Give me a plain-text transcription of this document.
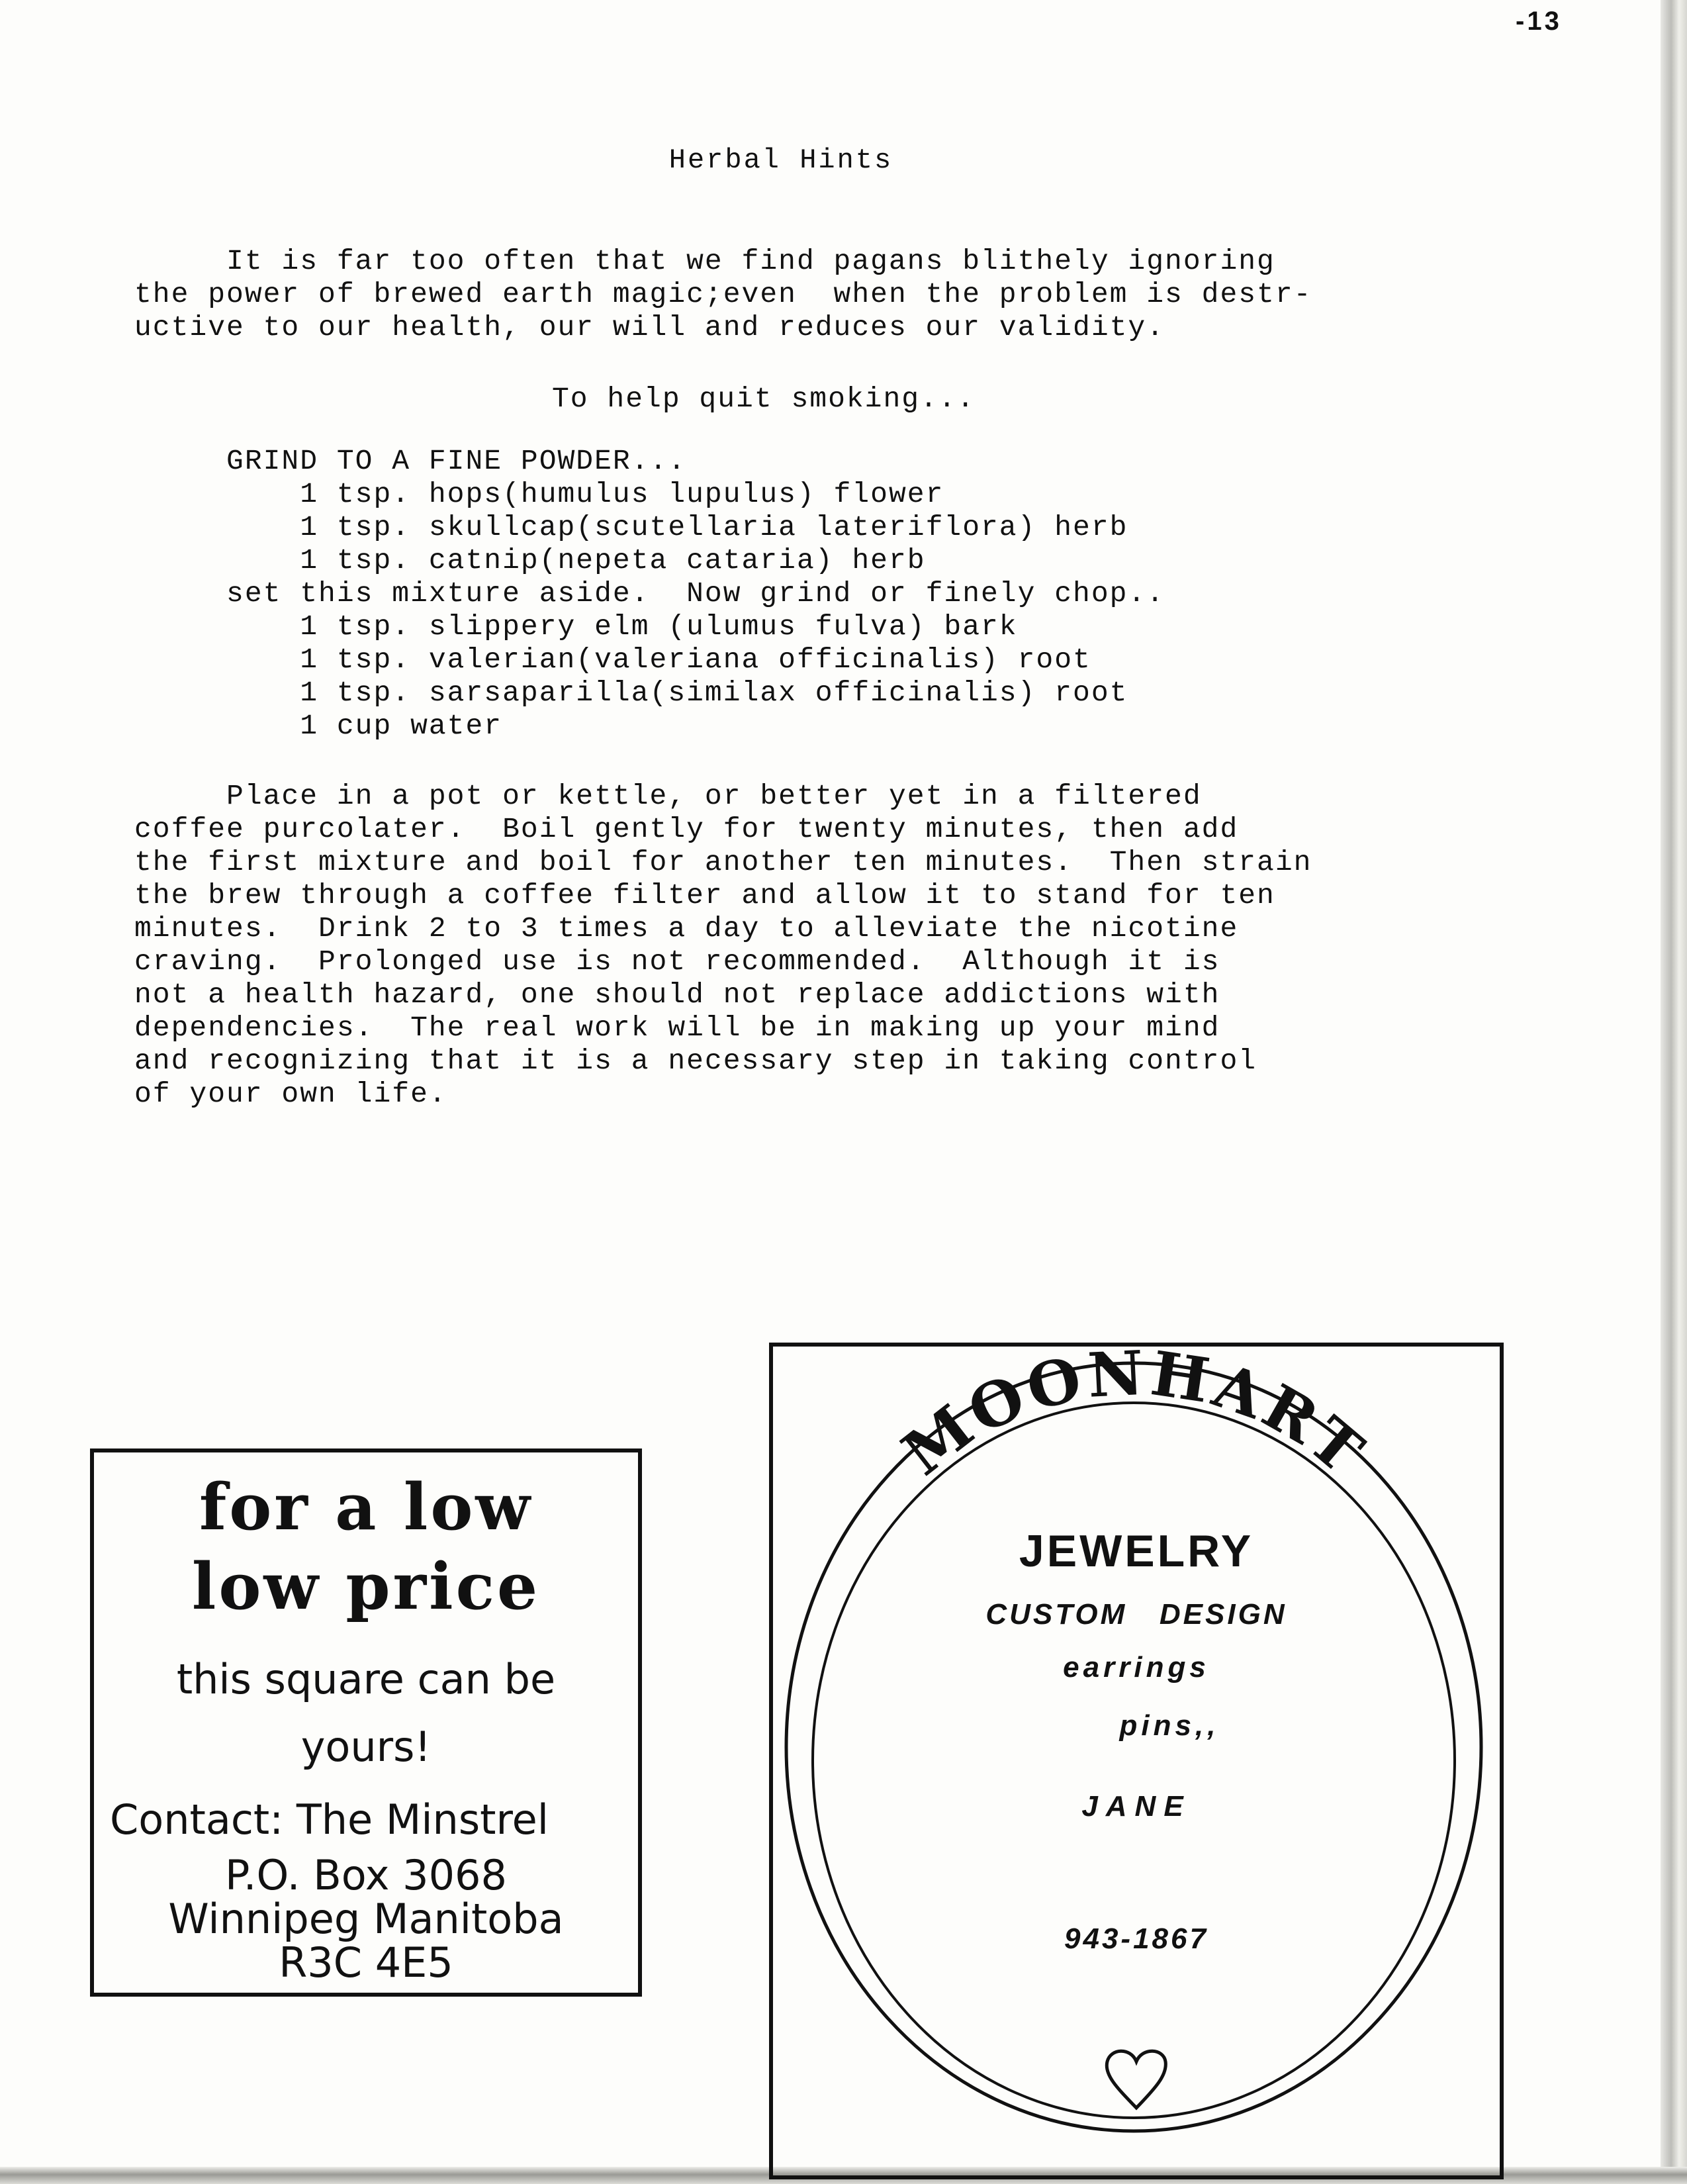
-13
Herbal Hints
It is far too often that we find pagans blithely ignoring
the power of brewed earth magic;even  when the problem is destr-
uctive to our health, our will and reduces our validity.
To help quit smoking...
GRIND TO A FINE POWDER...
1 tsp. hops(humulus lupulus) flower
1 tsp. skullcap(scutellaria lateriflora) herb
1 tsp. catnip(nepeta cataria) herb
set this mixture aside.  Now grind or finely chop..
1 tsp. slippery elm (ulumus fulva) bark
1 tsp. valerian(valeriana officinalis) root
1 tsp. sarsaparilla(similax officinalis) root
1 cup water
Place in a pot or kettle, or better yet in a filtered
coffee purcolater.  Boil gently for twenty minutes, then add
the first mixture and boil for another ten minutes.  Then strain
the brew through a coffee filter and allow it to stand for ten
minutes.  Drink 2 to 3 times a day to alleviate the nicotine
craving.  Prolonged use is not recommended.  Although it is
not a health hazard, one should not replace addictions with
dependencies.  The real work will be in making up your mind
and recognizing that it is a necessary step in taking control
of your own life.
for a low
low price
this square can be
yours!
Contact: The Minstrel
P.O. Box 3068
Winnipeg Manitoba
R3C 4E5
MOONHART
JEWELRY
CUSTOM   DESIGN
earrings
pins,,
JANE
943-1867
